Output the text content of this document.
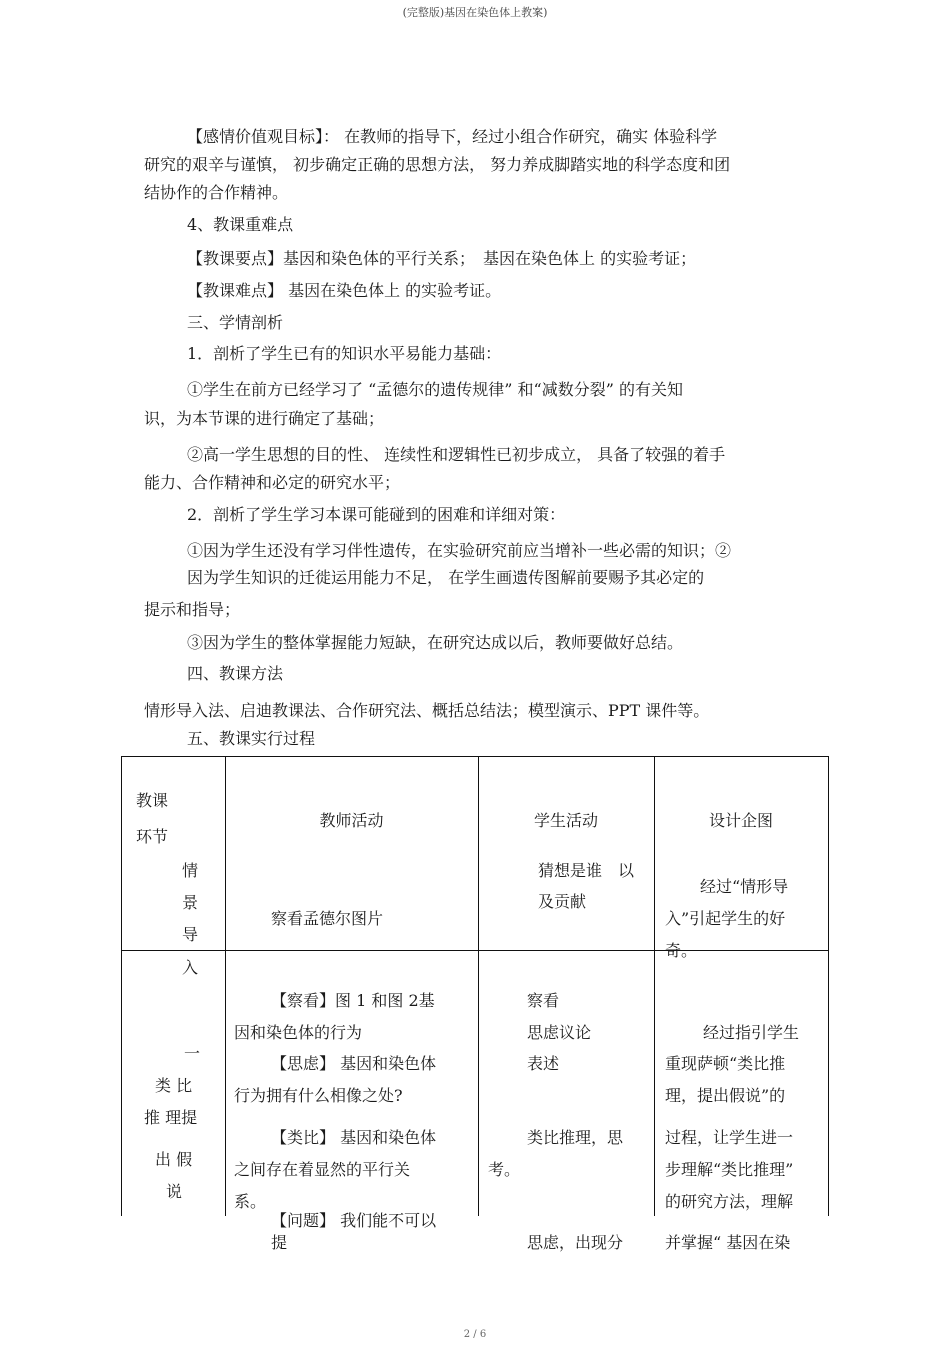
(完整版)基因在染色体上教案)
【感情价值观目标】： 在教师的指导下，经过小组合作研究，确实 体验科学
研究的艰辛与谨慎， 初步确定正确的思想方法， 努力养成脚踏实地的科学态度和团
结协作的合作精神。
4、教课重难点
【教课要点】基因和染色体的平行关系；　基因在染色体上 的实验考证；
【教课难点】 基因在染色体上 的实验考证。
三、学情剖析
1．剖析了学生已有的知识水平易能力基础：
①学生在前方已经学习了 “孟德尔的遗传规律” 和“减数分裂” 的有关知
识，为本节课的进行确定了基础；
②高一学生思想的目的性、 连续性和逻辑性已初步成立， 具备了较强的着手
能力、合作精神和必定的研究水平；
2．剖析了学生学习本课可能碰到的困难和详细对策：
①因为学生还没有学习伴性遗传，在实验研究前应当增补一些必需的知识；②
因为学生知识的迁徙运用能力不足， 在学生画遗传图解前要赐予其必定的
提示和指导；
③因为学生的整体掌握能力短缺，在研究达成以后，教师要做好总结。
四、教课方法
情形导入法、启迪教课法、合作研究法、概括总结法；模型演示、PPT 课件等。
五、教课实行过程
教课
环节
教师活动	学生活动	设计企图
情
景
导
入
察看孟德尔图片
猜想是谁　以
及贡献
经过“情形导
入”引起学生的好
奇。
一
类 比
推 理提
出 假
说
【察看】图 1 和图 2基
因和染色体的行为
【思虑】 基因和染色体
行为拥有什么相像之处?
【类比】 基因和染色体
之间存在着显然的平行关
系。
【问题】 我们能不可以
提
察看
思虑议论
表述
类比推理，思
考。
思虑，出现分
经过指引学生
重现萨顿“类比推
理，提出假说”的
过程，让学生进一
步理解“类比推理”
的研究方法，理解
并掌握“ 基因在染
2 / 6
